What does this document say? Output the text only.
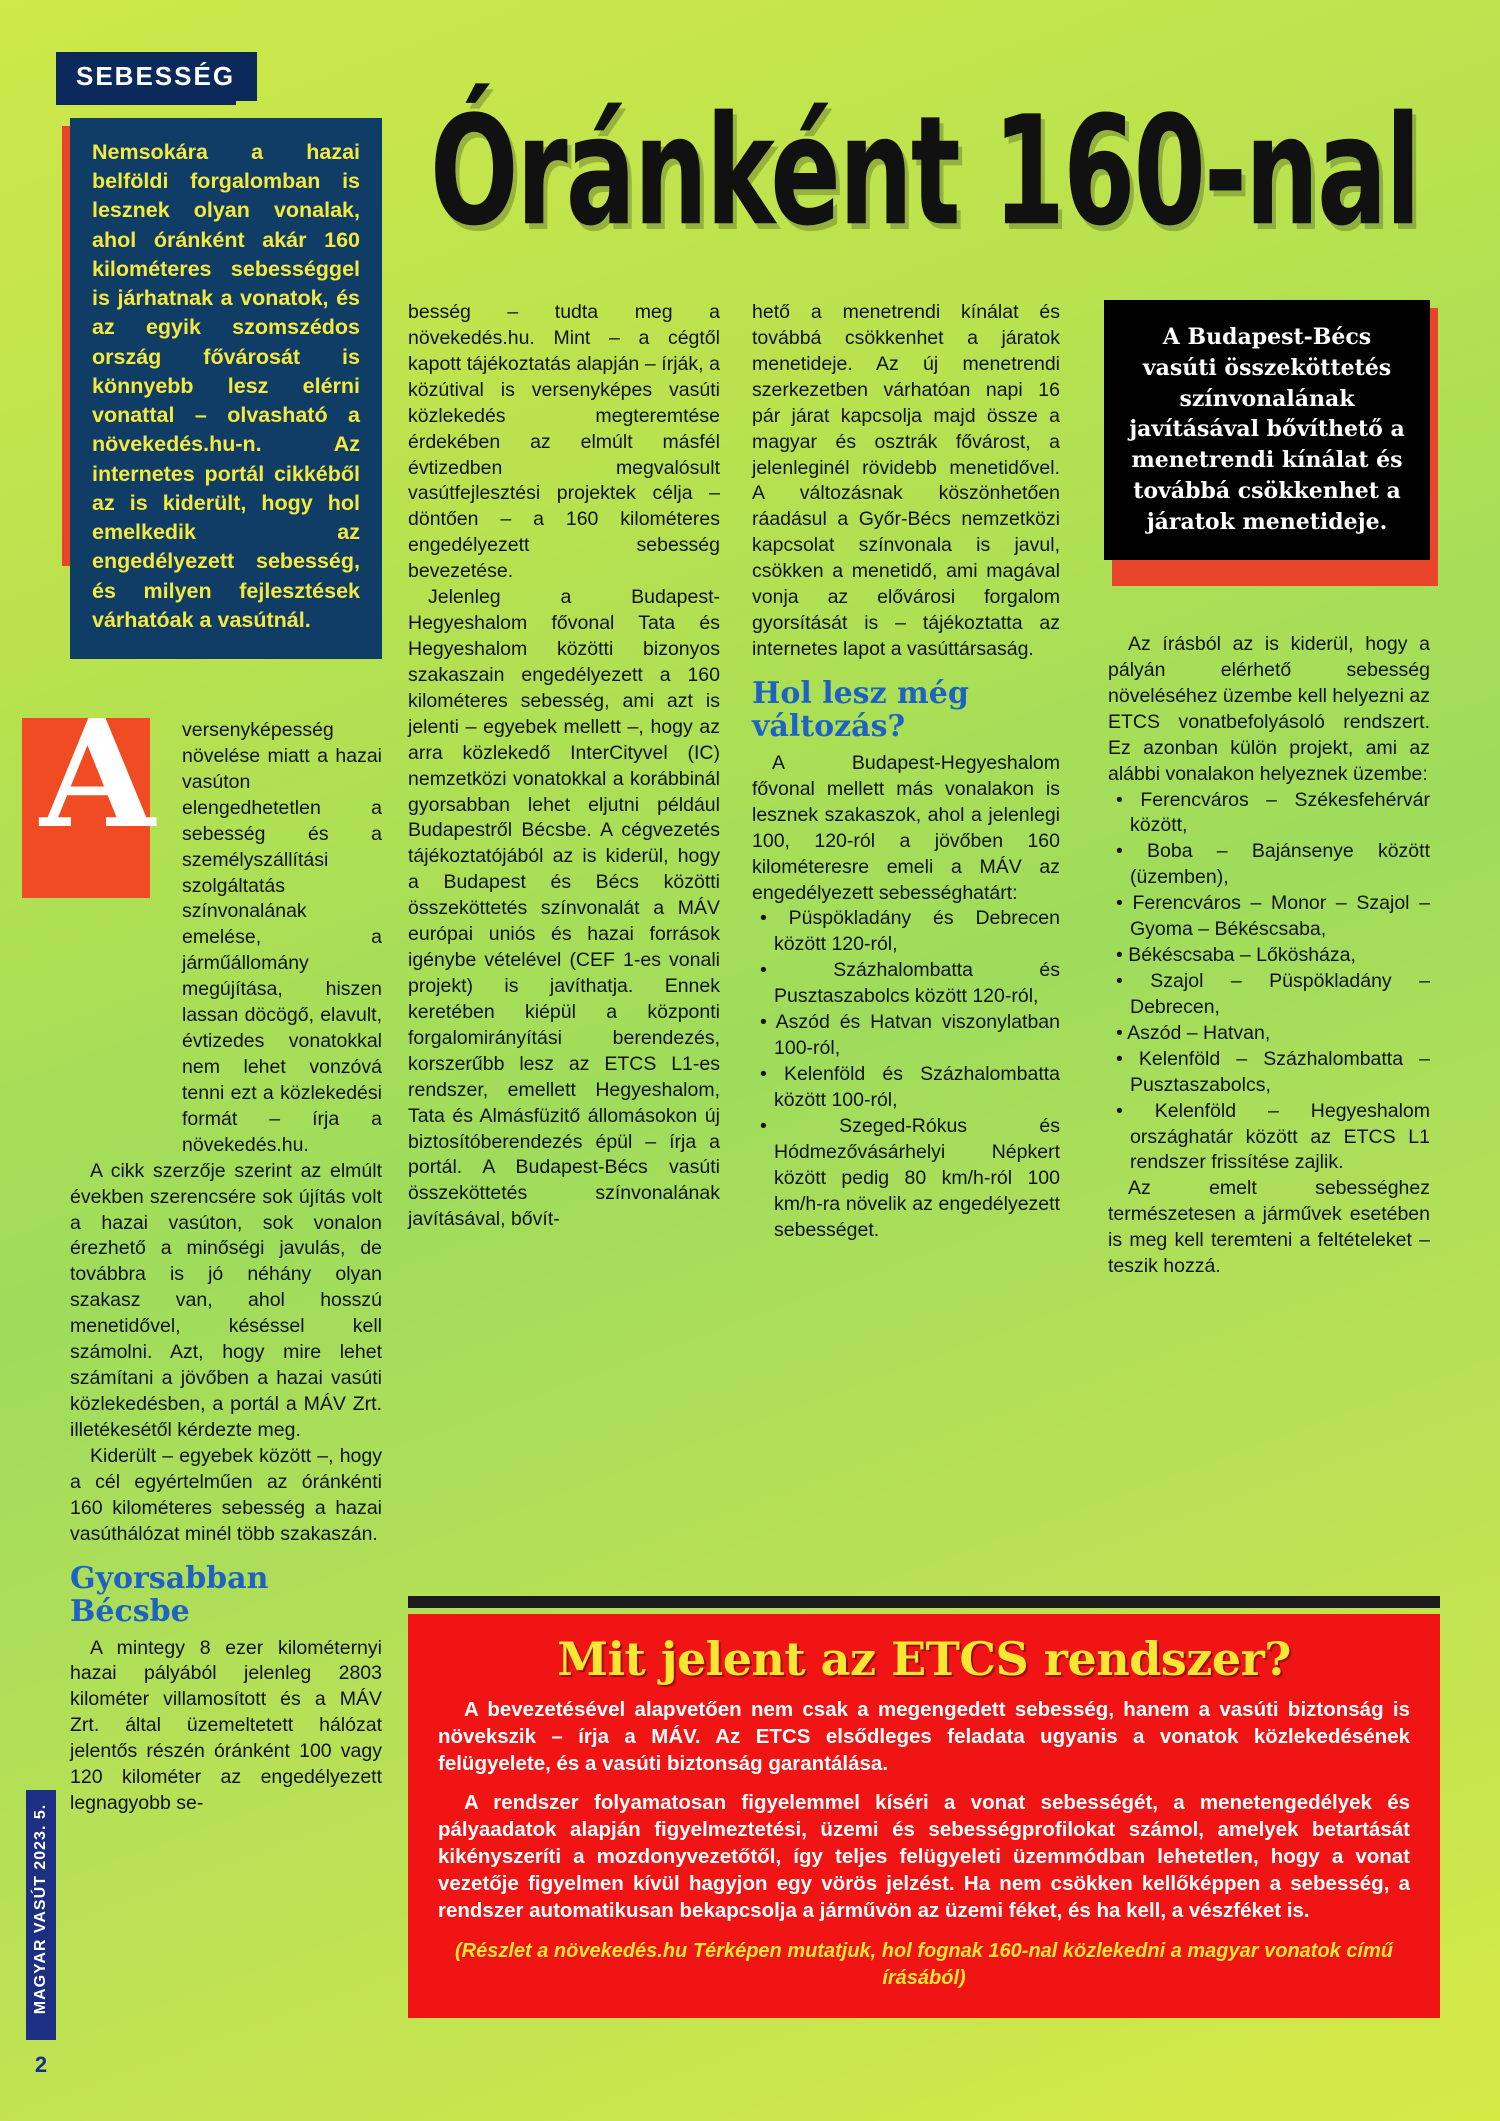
SEBESSÉG
Óránként 160-nal
Nemsokára a hazai belföldi forgalomban is lesznek olyan vonalak, ahol óránként akár 160 kilométeres sebességgel is járhatnak a vonatok, és az egyik szomszédos ország fővárosát is könnyebb lesz elérni vonattal – olvasható a növekedés.hu-n. Az internetes portál cikkéből az is kiderült, hogy hol emelkedik az engedélyezett sebesség, és milyen fejlesztések várhatóak a vasútnál.
A versenyképesség növelése miatt a hazai vasúton elengedhetetlen a sebesség és a személyszállítási szolgáltatás színvonalának emelése, a járműállomány megújítása, hiszen lassan döcögő, elavult, évtizedes vonatokkal nem lehet vonzóvá tenni ezt a közlekedési formát – írja a növekedés.hu.

A cikk szerzője szerint az elmúlt években szerencsére sok újítás volt a hazai vasúton, sok vonalon érezhető a minőségi javulás, de továbbra is jó néhány olyan szakasz van, ahol hosszú menetidővel, késéssel kell számolni. Azt, hogy mire lehet számítani a jövőben a hazai vasúti közlekedésben, a portál a MÁV Zrt. illetékesétől kérdezte meg.

Kiderült – egyebek között –, hogy a cél egyértelműen az óránkénti 160 kilométeres sebesség a hazai vasúthálózat minél több szakaszán.

Gyorsabban Bécsbe

A mintegy 8 ezer kilométernyi hazai pályából jelenleg 2803 kilométer villamosított és a MÁV Zrt. által üzemeltetett hálózat jelentős részén óránként 100 vagy 120 kilométer az engedélyezett legnagyobb se-

besség – tudta meg a növekedés.hu. Mint – a cégtől kapott tájékoztatás alapján – írják, a közútival is versenyképes vasúti közlekedés megteremtése érdekében az elmúlt másfél évtizedben megvalósult vasútfejlesztési projektek célja – döntően – a 160 kilométeres engedélyezett sebesség bevezetése.

Jelenleg a Budapest-Hegyeshalom fővonal Tata és Hegyeshalom közötti bizonyos szakaszain engedélyezett a 160 kilométeres sebesség, ami azt is jelenti – egyebek mellett –, hogy az arra közlekedő InterCityvel (IC) nemzetközi vonatokkal a korábbinál gyorsabban lehet eljutni például Budapestről Bécsbe. A cégvezetés tájékoztatójából az is kiderül, hogy a Budapest és Bécs közötti összeköttetés színvonalát a MÁV európai uniós és hazai források igénybe vételével (CEF 1-es vonali projekt) is javíthatja. Ennek keretében kiépül a központi forgalomirányítási berendezés, korszerűbb lesz az ETCS L1-es rendszer, emellett Hegyeshalom, Tata és Almásfüzitő állomásokon új biztosítóberendezés épül – írja a portál. A Budapest-Bécs vasúti összeköttetés színvonalának javításával, bővít-

hető a menetrendi kínálat és továbbá csökkenhet a járatok menetideje. Az új menetrendi szerkezetben várhatóan napi 16 pár járat kapcsolja majd össze a magyar és osztrák fővárost, a jelenleginél rövidebb menetidővel. A változásnak köszönhetően ráadásul a Győr-Bécs nemzetközi kapcsolat színvonala is javul, csökken a menetidő, ami magával vonja az elővárosi forgalom gyorsítását is – tájékoztatta az internetes lapot a vasúttársaság.

Hol lesz még változás?

A Budapest-Hegyeshalom fővonal mellett más vonalakon is lesznek szakaszok, ahol a jelenlegi 100, 120-ról a jövőben 160 kilométeresre emeli a MÁV az engedélyezett sebességhatárt:

• Püspökladány és Debrecen között 120-ról,

• Százhalombatta és Pusztaszabolcs között 120-ról,

• Aszód és Hatvan viszonylatban 100-ról,

• Kelenföld és Százhalombatta között 100-ról,

• Szeged-Rókus és Hódmezővásárhelyi Népkert között pedig 80 km/h-ról 100 km/h-ra növelik az engedélyezett sebességet.

A Budapest-Bécs vasúti összeköttetés színvonalának javításával bővíthető a menetrendi kínálat és továbbá csökkenhet a járatok menetideje.

Az írásból az is kiderül, hogy a pályán elérhető sebesség növeléséhez üzembe kell helyezni az ETCS vonatbefolyásoló rendszert. Ez azonban külön projekt, ami az alábbi vonalakon helyeznek üzembe:

• Ferencváros – Székesfehérvár között,

• Boba – Bajánsenye között (üzemben),

• Ferencváros – Monor – Szajol – Gyoma – Békéscsaba,

• Békéscsaba – Lőkösháza,

• Szajol – Püspökladány – Debrecen,

• Aszód – Hatvan,

• Kelenföld – Százhalombatta – Pusztaszabolcs,

• Kelenföld – Hegyeshalom országhatár között az ETCS L1 rendszer frissítése zajlik.

Az emelt sebességhez természetesen a járművek esetében is meg kell teremteni a feltételeket – teszik hozzá.

Mit jelent az ETCS rendszer?

A bevezetésével alapvetően nem csak a megengedett sebesség, hanem a vasúti biztonság is növekszik – írja a MÁV. Az ETCS elsődleges feladata ugyanis a vonatok közlekedésének felügyelete, és a vasúti biztonság garantálása.

A rendszer folyamatosan figyelemmel kíséri a vonat sebességét, a menetengedélyek és pályaadatok alapján figyelmeztetési, üzemi és sebességprofilokat számol, amelyek betartását kikényszeríti a mozdonyvezetőtől, így teljes felügyeleti üzemmódban lehetetlen, hogy a vonat vezetője figyelmen kívül hagyjon egy vörös jelzést. Ha nem csökken kellőképpen a sebesség, a rendszer automatikusan bekapcsolja a járművön az üzemi féket, és ha kell, a vészféket is.

(Részlet a növekedés.hu Térképen mutatjuk, hol fognak 160-nal közlekedni a magyar vonatok című írásából)

MAGYAR VASÚT 2023. 5.
2
